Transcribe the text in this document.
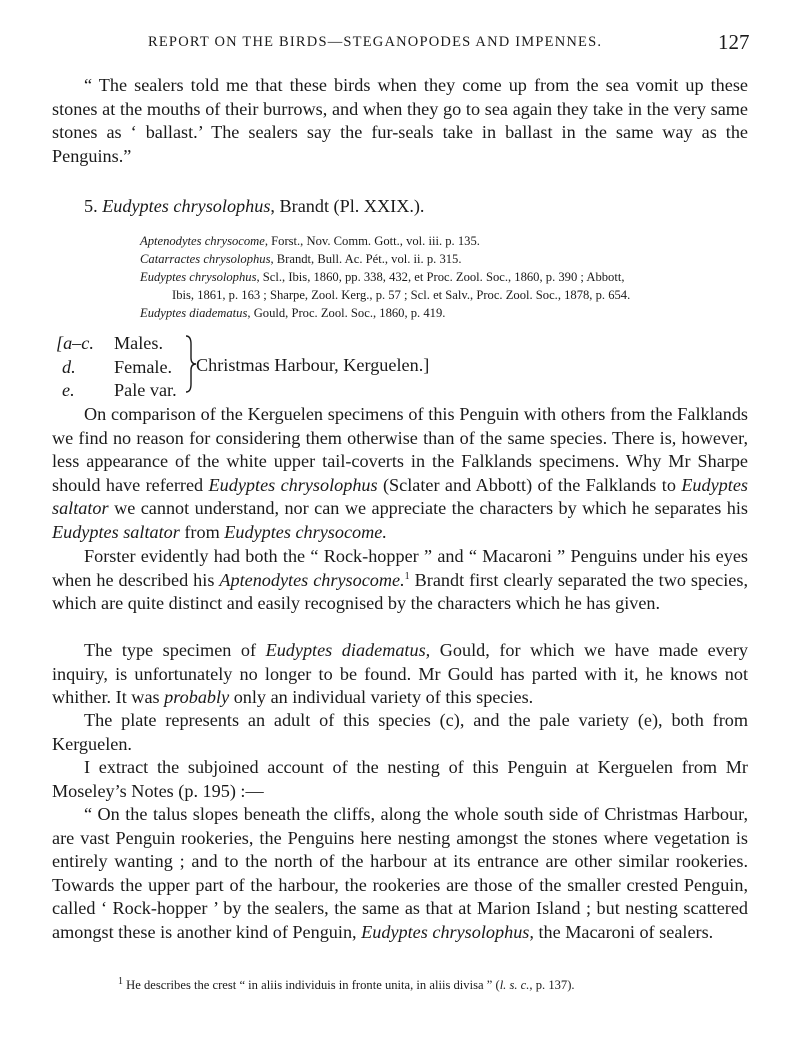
REPORT ON THE BIRDS—STEGANOPODES AND IMPENNES.	127
“ The sealers told me that these birds when they come up from the sea vomit up these stones at the mouths of their burrows, and when they go to sea again they take in the very same stones as ‘ ballast.’ The sealers say the fur-seals take in ballast in the same way as the Penguins.”
5. Eudyptes chrysolophus, Brandt (Pl. XXIX.).
Aptenodytes chrysocome, Forst., Nov. Comm. Gott., vol. iii. p. 135.
Catarractes chrysolophus, Brandt, Bull. Ac. Pét., vol. ii. p. 315.
Eudyptes chrysolophus, Scl., Ibis, 1860, pp. 338, 432, et Proc. Zool. Soc., 1860, p. 390 ; Abbott,
Ibis, 1861, p. 163 ; Sharpe, Zool. Kerg., p. 57 ; Scl. et Salv., Proc. Zool. Soc., 1878, p. 654.
Eudyptes diadematus, Gould, Proc. Zool. Soc., 1860, p. 419.
[a–c. Males.
d. Female.
e. Pale var.
Christmas Harbour, Kerguelen.]
On comparison of the Kerguelen specimens of this Penguin with others from the Falklands we find no reason for considering them otherwise than of the same species. There is, however, less appearance of the white upper tail-coverts in the Falklands specimens. Why Mr Sharpe should have referred Eudyptes chrysolophus (Sclater and Abbott) of the Falklands to Eudyptes saltator we cannot understand, nor can we appreciate the characters by which he separates his Eudyptes saltator from Eudyptes chrysocome.
Forster evidently had both the “ Rock-hopper ” and “ Macaroni ” Penguins under his eyes when he described his Aptenodytes chrysocome.$^1$ Brandt first clearly separated the two species, which are quite distinct and easily recognised by the characters which he has given.
The type specimen of Eudyptes diadematus, Gould, for which we have made every inquiry, is unfortunately no longer to be found. Mr Gould has parted with it, he knows not whither. It was probably only an individual variety of this species.
The plate represents an adult of this species (c), and the pale variety (e), both from Kerguelen.
I extract the subjoined account of the nesting of this Penguin at Kerguelen from Mr Moseley’s Notes (p. 195) :—
“ On the talus slopes beneath the cliffs, along the whole south side of Christmas Harbour, are vast Penguin rookeries, the Penguins here nesting amongst the stones where vegetation is entirely wanting ; and to the north of the harbour at its entrance are other similar rookeries. Towards the upper part of the harbour, the rookeries are those of the smaller crested Penguin, called ‘ Rock-hopper ’ by the sealers, the same as that at Marion Island ; but nesting scattered amongst these is another kind of Penguin, Eudyptes chrysolophus, the Macaroni of sealers.
$^1$ He describes the crest “ in aliis individuis in fronte unita, in aliis divisa ” (l. s. c., p. 137).
